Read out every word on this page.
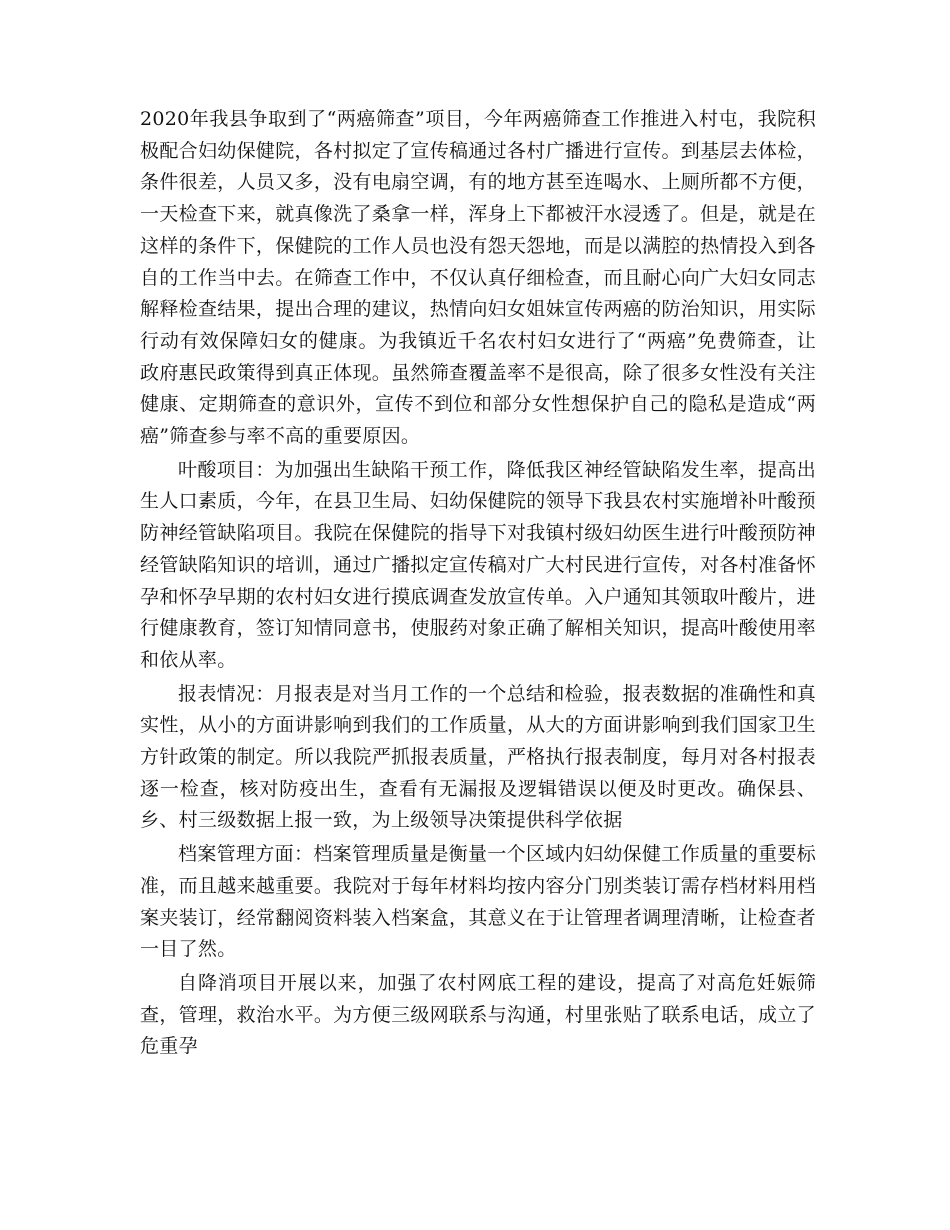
2020年我县争取到了“两癌筛查”项目，今年两癌筛查工作推进入村屯，我院积极配合妇幼保健院，各村拟定了宣传稿通过各村广播进行宣传。到基层去体检，条件很差，人员又多，没有电扇空调，有的地方甚至连喝水、上厕所都不方便，一天检查下来，就真像洗了桑拿一样，浑身上下都被汗水浸透了。但是，就是在这样的条件下，保健院的工作人员也没有怨天怨地，而是以满腔的热情投入到各自的工作当中去。在筛查工作中，不仅认真仔细检查，而且耐心向广大妇女同志解释检查结果，提出合理的建议，热情向妇女姐妹宣传两癌的防治知识，用实际行动有效保障妇女的健康。为我镇近千名农村妇女进行了“两癌”免费筛查，让政府惠民政策得到真正体现。虽然筛查覆盖率不是很高，除了很多女性没有关注健康、定期筛查的意识外，宣传不到位和部分女性想保护自己的隐私是造成“两癌”筛查参与率不高的重要原因。

叶酸项目：为加强出生缺陷干预工作，降低我区神经管缺陷发生率，提高出生人口素质，今年，在县卫生局、妇幼保健院的领导下我县农村实施增补叶酸预防神经管缺陷项目。我院在保健院的指导下对我镇村级妇幼医生进行叶酸预防神经管缺陷知识的培训，通过广播拟定宣传稿对广大村民进行宣传，对各村准备怀孕和怀孕早期的农村妇女进行摸底调查发放宣传单。入户通知其领取叶酸片，进行健康教育，签订知情同意书，使服药对象正确了解相关知识，提高叶酸使用率和依从率。

报表情况：月报表是对当月工作的一个总结和检验，报表数据的准确性和真实性，从小的方面讲影响到我们的工作质量，从大的方面讲影响到我们国家卫生方针政策的制定。所以我院严抓报表质量，严格执行报表制度，每月对各村报表逐一检查，核对防疫出生，查看有无漏报及逻辑错误以便及时更改。确保县、乡、村三级数据上报一致，为上级领导决策提供科学依据

档案管理方面：档案管理质量是衡量一个区域内妇幼保健工作质量的重要标准，而且越来越重要。我院对于每年材料均按内容分门别类装订需存档材料用档案夹装订，经常翻阅资料装入档案盒，其意义在于让管理者调理清晰，让检查者一目了然。

自降消项目开展以来，加强了农村网底工程的建设，提高了对高危妊娠筛查，管理，救治水平。为方便三级网联系与沟通，村里张贴了联系电话，成立了危重孕
